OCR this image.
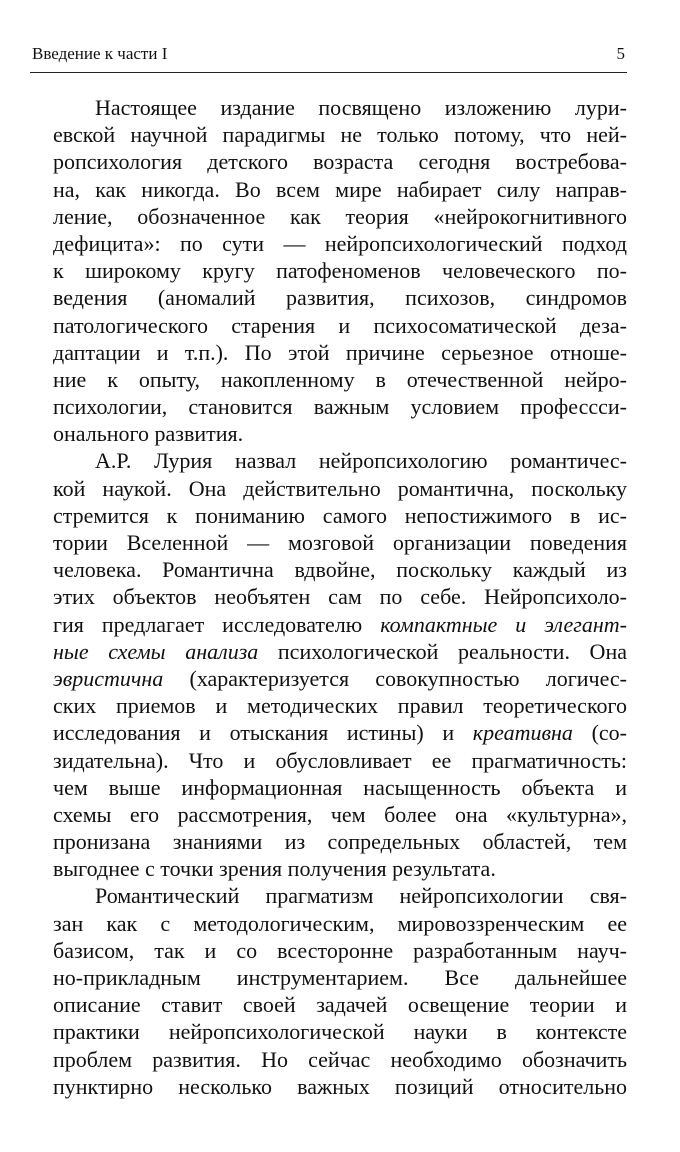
Введение к части I	5
Настоящее издание посвящено изложению лури-
евской научной парадигмы не только потому, что ней-
ропсихология детского возраста сегодня востребова-
на, как никогда. Во всем мире набирает силу направ-
ление, обозначенное как теория «нейрокогнитивного
дефицита»: по сути — нейропсихологический подход
к широкому кругу патофеноменов человеческого по-
ведения (аномалий развития, психозов, синдромов
патологического старения и психосоматической деза-
даптации и т.п.). По этой причине серьезное отноше-
ние к опыту, накопленному в отечественной нейро-
психологии, становится важным условием профессси-
онального развития.
А.Р. Лурия назвал нейропсихологию романтичес-
кой наукой. Она действительно романтична, поскольку
стремится к пониманию самого непостижимого в ис-
тории Вселенной — мозговой организации поведения
человека. Романтична вдвойне, поскольку каждый из
этих объектов необъятен сам по себе. Нейропсихоло-
гия предлагает исследователю компактные и элегант-
ные схемы анализа психологической реальности. Она
эвристична (характеризуется совокупностью логичес-
ских приемов и методических правил теоретического
исследования и отыскания истины) и креативна (со-
зидательна). Что и обусловливает ее прагматичность:
чем выше информационная насыщенность объекта и
схемы его рассмотрения, чем более она «культурна»,
пронизана знаниями из сопредельных областей, тем
выгоднее с точки зрения получения результата.
Романтический прагматизм нейропсихологии свя-
зан как с методологическим, мировоззренческим ее
базисом, так и со всесторонне разработанным науч-
но-прикладным инструментарием. Все дальнейшее
описание ставит своей задачей освещение теории и
практики нейропсихологической науки в контексте
проблем развития. Но сейчас необходимо обозначить
пунктирно несколько важных позиций относительно
